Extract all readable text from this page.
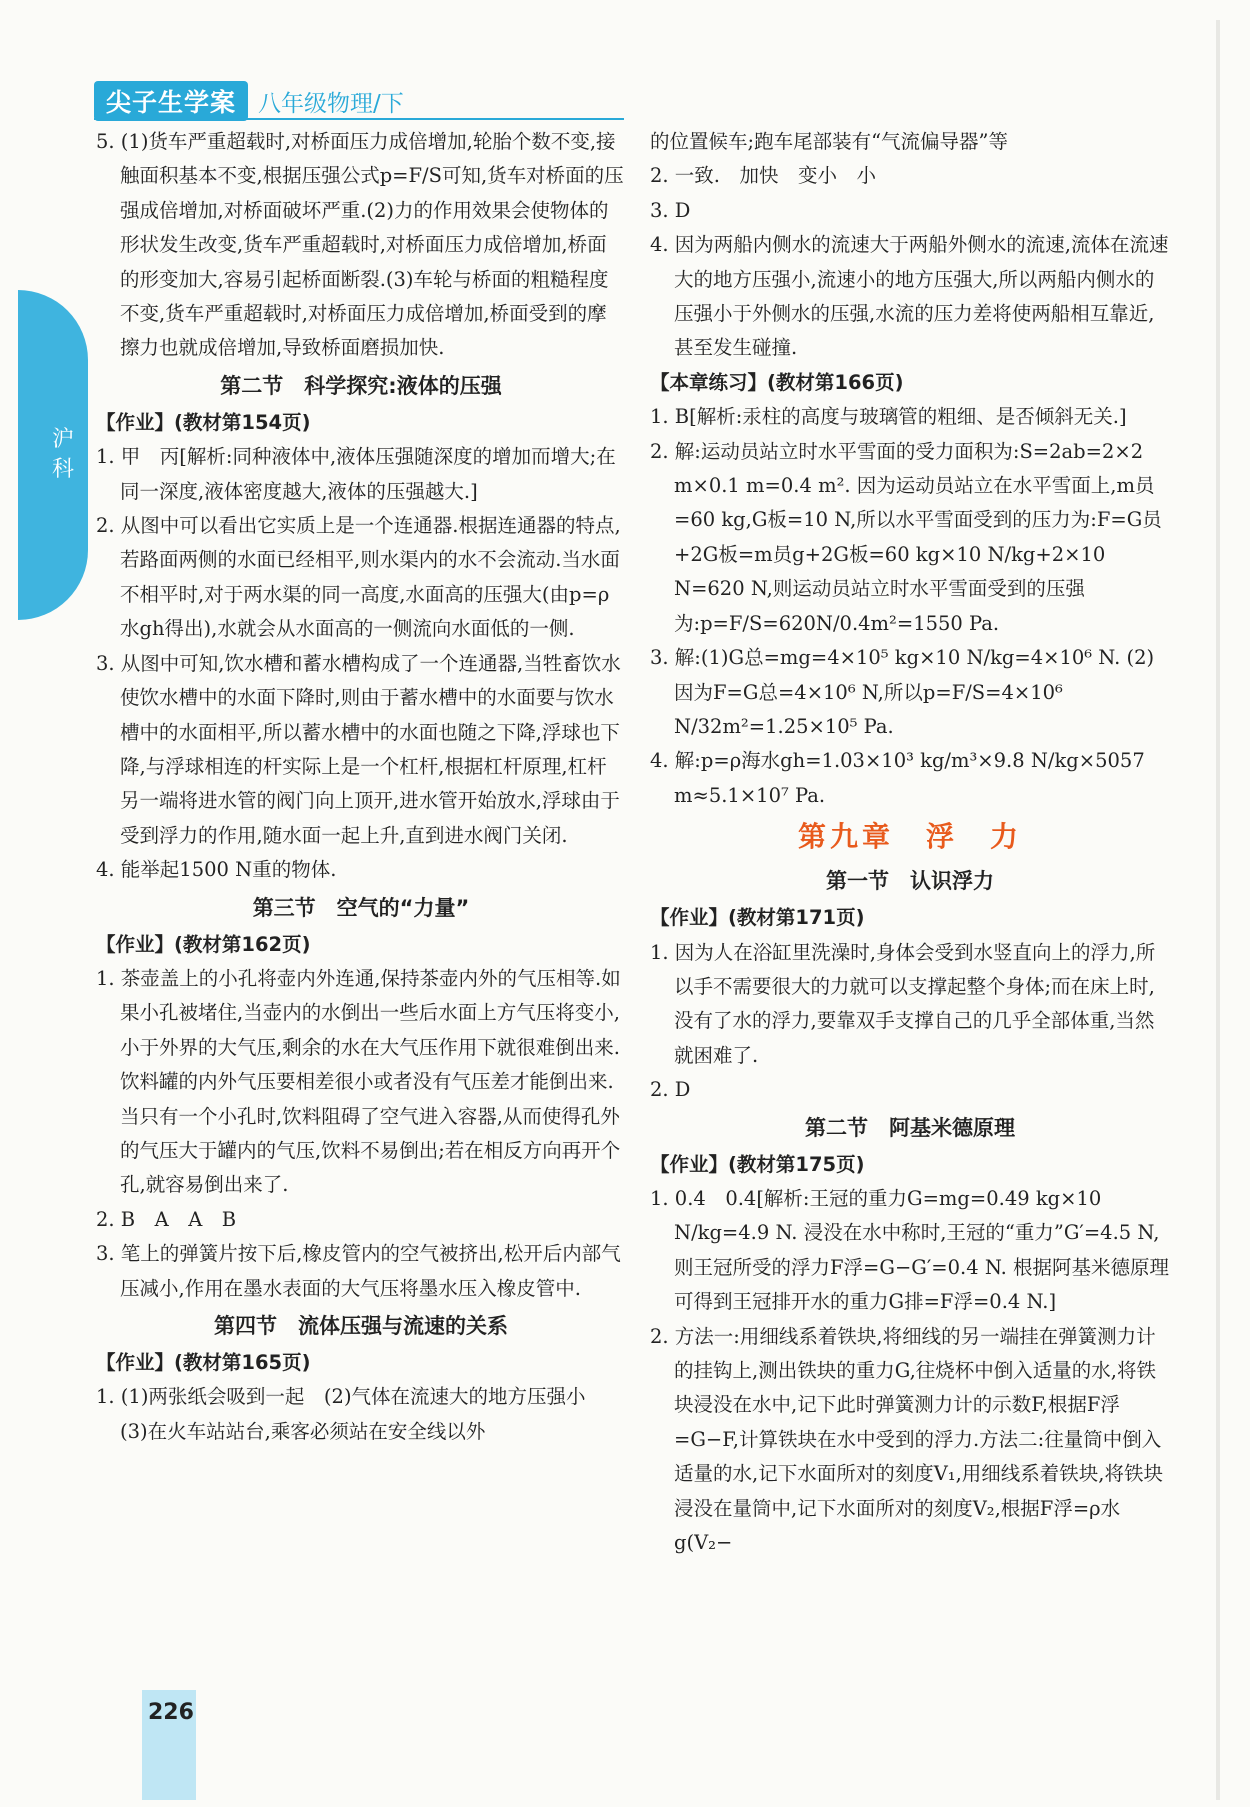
尖子生学案 八年级物理/下
沪 科
5. (1)货车严重超载时,对桥面压力成倍增加,轮胎个数不变,接触面积基本不变,根据压强公式p=F/S可知,货车对桥面的压强成倍增加,对桥面破坏严重.(2)力的作用效果会使物体的形状发生改变,货车严重超载时,对桥面压力成倍增加,桥面的形变加大,容易引起桥面断裂.(3)车轮与桥面的粗糙程度不变,货车严重超载时,对桥面压力成倍增加,桥面受到的摩擦力也就成倍增加,导致桥面磨损加快.
第二节　科学探究:液体的压强
【作业】(教材第154页)
1. 甲　丙[解析:同种液体中,液体压强随深度的增加而增大;在同一深度,液体密度越大,液体的压强越大.]
2. 从图中可以看出它实质上是一个连通器.根据连通器的特点,若路面两侧的水面已经相平,则水渠内的水不会流动.当水面不相平时,对于两水渠的同一高度,水面高的压强大(由p=ρ水gh得出),水就会从水面高的一侧流向水面低的一侧.
3. 从图中可知,饮水槽和蓄水槽构成了一个连通器,当牲畜饮水使饮水槽中的水面下降时,则由于蓄水槽中的水面要与饮水槽中的水面相平,所以蓄水槽中的水面也随之下降,浮球也下降,与浮球相连的杆实际上是一个杠杆,根据杠杆原理,杠杆另一端将进水管的阀门向上顶开,进水管开始放水,浮球由于受到浮力的作用,随水面一起上升,直到进水阀门关闭.
4. 能举起1500 N重的物体.
第三节　空气的“力量”
【作业】(教材第162页)
1. 茶壶盖上的小孔将壶内外连通,保持茶壶内外的气压相等.如果小孔被堵住,当壶内的水倒出一些后水面上方气压将变小,小于外界的大气压,剩余的水在大气压作用下就很难倒出来.饮料罐的内外气压要相差很小或者没有气压差才能倒出来.当只有一个小孔时,饮料阻碍了空气进入容器,从而使得孔外的气压大于罐内的气压,饮料不易倒出;若在相反方向再开个孔,就容易倒出来了.
2. B　A　A　B
3. 笔上的弹簧片按下后,橡皮管内的空气被挤出,松开后内部气压减小,作用在墨水表面的大气压将墨水压入橡皮管中.
第四节　流体压强与流速的关系
【作业】(教材第165页)
1. (1)两张纸会吸到一起　(2)气体在流速大的地方压强小　(3)在火车站站台,乘客必须站在安全线以外
的位置候车;跑车尾部装有“气流偏导器”等
2. 一致.　加快　变小　小
3. D
4. 因为两船内侧水的流速大于两船外侧水的流速,流体在流速大的地方压强小,流速小的地方压强大,所以两船内侧水的压强小于外侧水的压强,水流的压力差将使两船相互靠近,甚至发生碰撞.
【本章练习】(教材第166页)
1. B[解析:汞柱的高度与玻璃管的粗细、是否倾斜无关.]
2. 解:运动员站立时水平雪面的受力面积为:S=2ab=2×2 m×0.1 m=0.4 m². 因为运动员站立在水平雪面上,m员=60 kg,G板=10 N,所以水平雪面受到的压力为:F=G员+2G板=m员g+2G板=60 kg×10 N/kg+2×10 N=620 N,则运动员站立时水平雪面受到的压强为:p=F/S=620N/0.4m²=1550 Pa.
3. 解:(1)G总=mg=4×10⁵ kg×10 N/kg=4×10⁶ N. (2)因为F=G总=4×10⁶ N,所以p=F/S=4×10⁶ N/32m²=1.25×10⁵ Pa.
4. 解:p=ρ海水gh=1.03×10³ kg/m³×9.8 N/kg×5057 m≈5.1×10⁷ Pa.
第九章　浮　力
第一节　认识浮力
【作业】(教材第171页)
1. 因为人在浴缸里洗澡时,身体会受到水竖直向上的浮力,所以手不需要很大的力就可以支撑起整个身体;而在床上时,没有了水的浮力,要靠双手支撑自己的几乎全部体重,当然就困难了.
2. D
第二节　阿基米德原理
【作业】(教材第175页)
1. 0.4　0.4[解析:王冠的重力G=mg=0.49 kg×10 N/kg=4.9 N. 浸没在水中称时,王冠的“重力”G′=4.5 N,则王冠所受的浮力F浮=G−G′=0.4 N. 根据阿基米德原理可得到王冠排开水的重力G排=F浮=0.4 N.]
2. 方法一:用细线系着铁块,将细线的另一端挂在弹簧测力计的挂钩上,测出铁块的重力G,往烧杯中倒入适量的水,将铁块浸没在水中,记下此时弹簧测力计的示数F,根据F浮=G−F,计算铁块在水中受到的浮力.方法二:往量筒中倒入适量的水,记下水面所对的刻度V₁,用细线系着铁块,将铁块浸没在量筒中,记下水面所对的刻度V₂,根据F浮=ρ水g(V₂−
226
